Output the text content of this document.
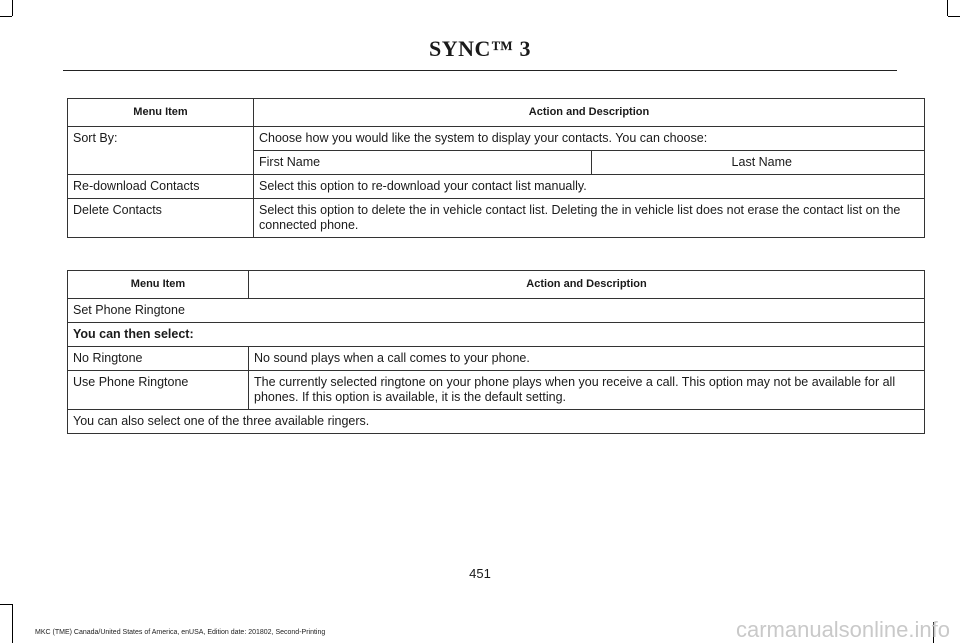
SYNC™ 3
Menu Item	Action and Description	
Sort By:	Choose how you would like the system to display your contacts. You can choose:	
	First Name	Last Name
Re-download Contacts	Select this option to re-download your contact list manually.	
Delete Contacts	Select this option to delete the in vehicle contact list. Deleting the in vehicle list does not erase the contact list on the connected phone.	
Menu Item	Action and Description
Set Phone Ringtone	
You can then select:	
No Ringtone	No sound plays when a call comes to your phone.
Use Phone Ringtone	The currently selected ringtone on your phone plays when you receive a call. This option may not be available for all phones. If this option is available, it is the default setting.
You can also select one of the three available ringers.	
451
MKC (TME) Canada/United States of America, enUSA, Edition date: 201802, Second-Printing	carmanualsonline.info
